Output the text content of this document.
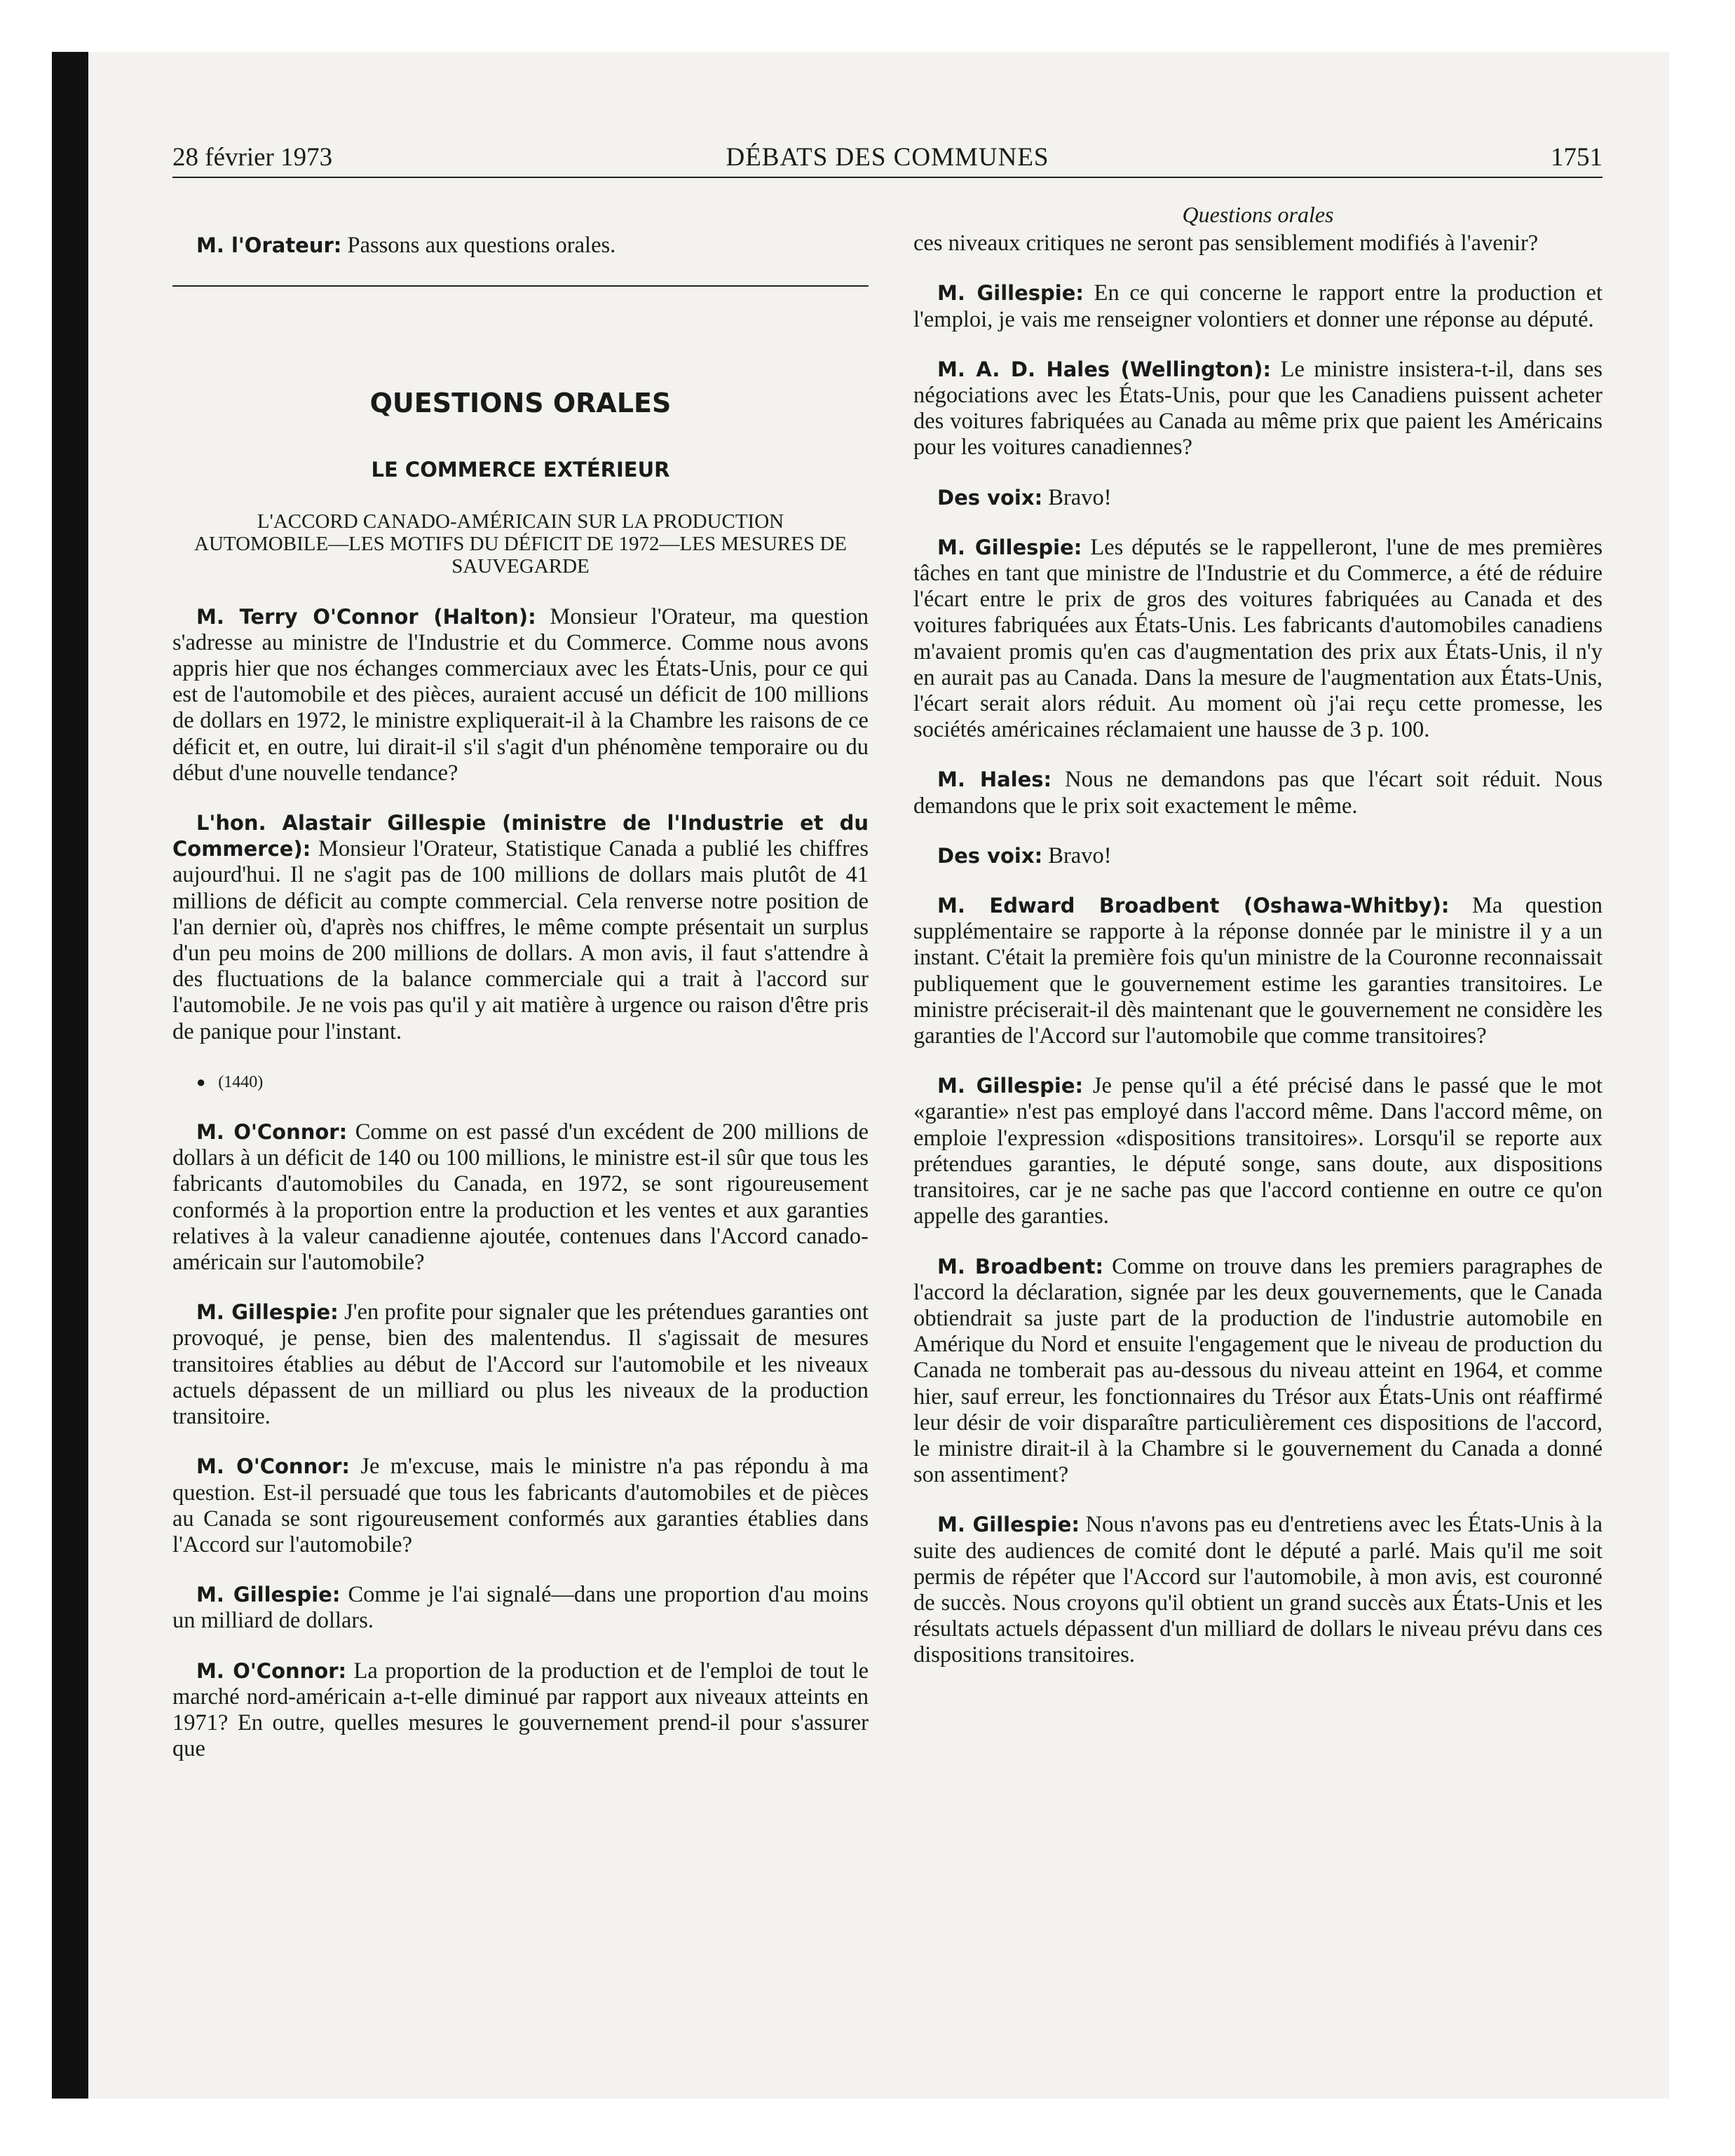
28 février 1973	DÉBATS DES COMMUNES	1751

M. l'Orateur: Passons aux questions orales.

QUESTIONS ORALES
LE COMMERCE EXTÉRIEUR
L'ACCORD CANADO-AMÉRICAIN SUR LA PRODUCTION AUTOMOBILE—LES MOTIFS DU DÉFICIT DE 1972—LES MESURES DE SAUVEGARDE

M. Terry O'Connor (Halton): Monsieur l'Orateur, ma question s'adresse au ministre de l'Industrie et du Commerce. Comme nous avons appris hier que nos échanges commerciaux avec les États-Unis, pour ce qui est de l'automobile et des pièces, auraient accusé un déficit de 100 millions de dollars en 1972, le ministre expliquerait-il à la Chambre les raisons de ce déficit et, en outre, lui dirait-il s'il s'agit d'un phénomène temporaire ou du début d'une nouvelle tendance?

L'hon. Alastair Gillespie (ministre de l'Industrie et du Commerce): Monsieur l'Orateur, Statistique Canada a publié les chiffres aujourd'hui. Il ne s'agit pas de 100 millions de dollars mais plutôt de 41 millions de déficit au compte commercial. Cela renverse notre position de l'an dernier où, d'après nos chiffres, le même compte présentait un surplus d'un peu moins de 200 millions de dollars. A mon avis, il faut s'attendre à des fluctuations de la balance commerciale qui a trait à l'accord sur l'automobile. Je ne vois pas qu'il y ait matière à urgence ou raison d'être pris de panique pour l'instant.

● (1440)

M. O'Connor: Comme on est passé d'un excédent de 200 millions de dollars à un déficit de 140 ou 100 millions, le ministre est-il sûr que tous les fabricants d'automobiles du Canada, en 1972, se sont rigoureusement conformés à la proportion entre la production et les ventes et aux garanties relatives à la valeur canadienne ajoutée, contenues dans l'Accord canado-américain sur l'automobile?

M. Gillespie: J'en profite pour signaler que les prétendues garanties ont provoqué, je pense, bien des malentendus. Il s'agissait de mesures transitoires établies au début de l'Accord sur l'automobile et les niveaux actuels dépassent de un milliard ou plus les niveaux de la production transitoire.

M. O'Connor: Je m'excuse, mais le ministre n'a pas répondu à ma question. Est-il persuadé que tous les fabricants d'automobiles et de pièces au Canada se sont rigoureusement conformés aux garanties établies dans l'Accord sur l'automobile?

M. Gillespie: Comme je l'ai signalé—dans une proportion d'au moins un milliard de dollars.

M. O'Connor: La proportion de la production et de l'emploi de tout le marché nord-américain a-t-elle diminué par rapport aux niveaux atteints en 1971? En outre, quelles mesures le gouvernement prend-il pour s'assurer que

Questions orales

ces niveaux critiques ne seront pas sensiblement modifiés à l'avenir?

M. Gillespie: En ce qui concerne le rapport entre la production et l'emploi, je vais me renseigner volontiers et donner une réponse au député.

M. A. D. Hales (Wellington): Le ministre insistera-t-il, dans ses négociations avec les États-Unis, pour que les Canadiens puissent acheter des voitures fabriquées au Canada au même prix que paient les Américains pour les voitures canadiennes?

Des voix: Bravo!

M. Gillespie: Les députés se le rappelleront, l'une de mes premières tâches en tant que ministre de l'Industrie et du Commerce, a été de réduire l'écart entre le prix de gros des voitures fabriquées au Canada et des voitures fabriquées aux États-Unis. Les fabricants d'automobiles canadiens m'avaient promis qu'en cas d'augmentation des prix aux États-Unis, il n'y en aurait pas au Canada. Dans la mesure de l'augmentation aux États-Unis, l'écart serait alors réduit. Au moment où j'ai reçu cette promesse, les sociétés américaines réclamaient une hausse de 3 p. 100.

M. Hales: Nous ne demandons pas que l'écart soit réduit. Nous demandons que le prix soit exactement le même.

Des voix: Bravo!

M. Edward Broadbent (Oshawa-Whitby): Ma question supplémentaire se rapporte à la réponse donnée par le ministre il y a un instant. C'était la première fois qu'un ministre de la Couronne reconnaissait publiquement que le gouvernement estime les garanties transitoires. Le ministre préciserait-il dès maintenant que le gouvernement ne considère les garanties de l'Accord sur l'automobile que comme transitoires?

M. Gillespie: Je pense qu'il a été précisé dans le passé que le mot «garantie» n'est pas employé dans l'accord même. Dans l'accord même, on emploie l'expression «dispositions transitoires». Lorsqu'il se reporte aux prétendues garanties, le député songe, sans doute, aux dispositions transitoires, car je ne sache pas que l'accord contienne en outre ce qu'on appelle des garanties.

M. Broadbent: Comme on trouve dans les premiers paragraphes de l'accord la déclaration, signée par les deux gouvernements, que le Canada obtiendrait sa juste part de la production de l'industrie automobile en Amérique du Nord et ensuite l'engagement que le niveau de production du Canada ne tomberait pas au-dessous du niveau atteint en 1964, et comme hier, sauf erreur, les fonctionnaires du Trésor aux États-Unis ont réaffirmé leur désir de voir disparaître particulièrement ces dispositions de l'accord, le ministre dirait-il à la Chambre si le gouvernement du Canada a donné son assentiment?

M. Gillespie: Nous n'avons pas eu d'entretiens avec les États-Unis à la suite des audiences de comité dont le député a parlé. Mais qu'il me soit permis de répéter que l'Accord sur l'automobile, à mon avis, est couronné de succès. Nous croyons qu'il obtient un grand succès aux États-Unis et les résultats actuels dépassent d'un milliard de dollars le niveau prévu dans ces dispositions transitoires.
